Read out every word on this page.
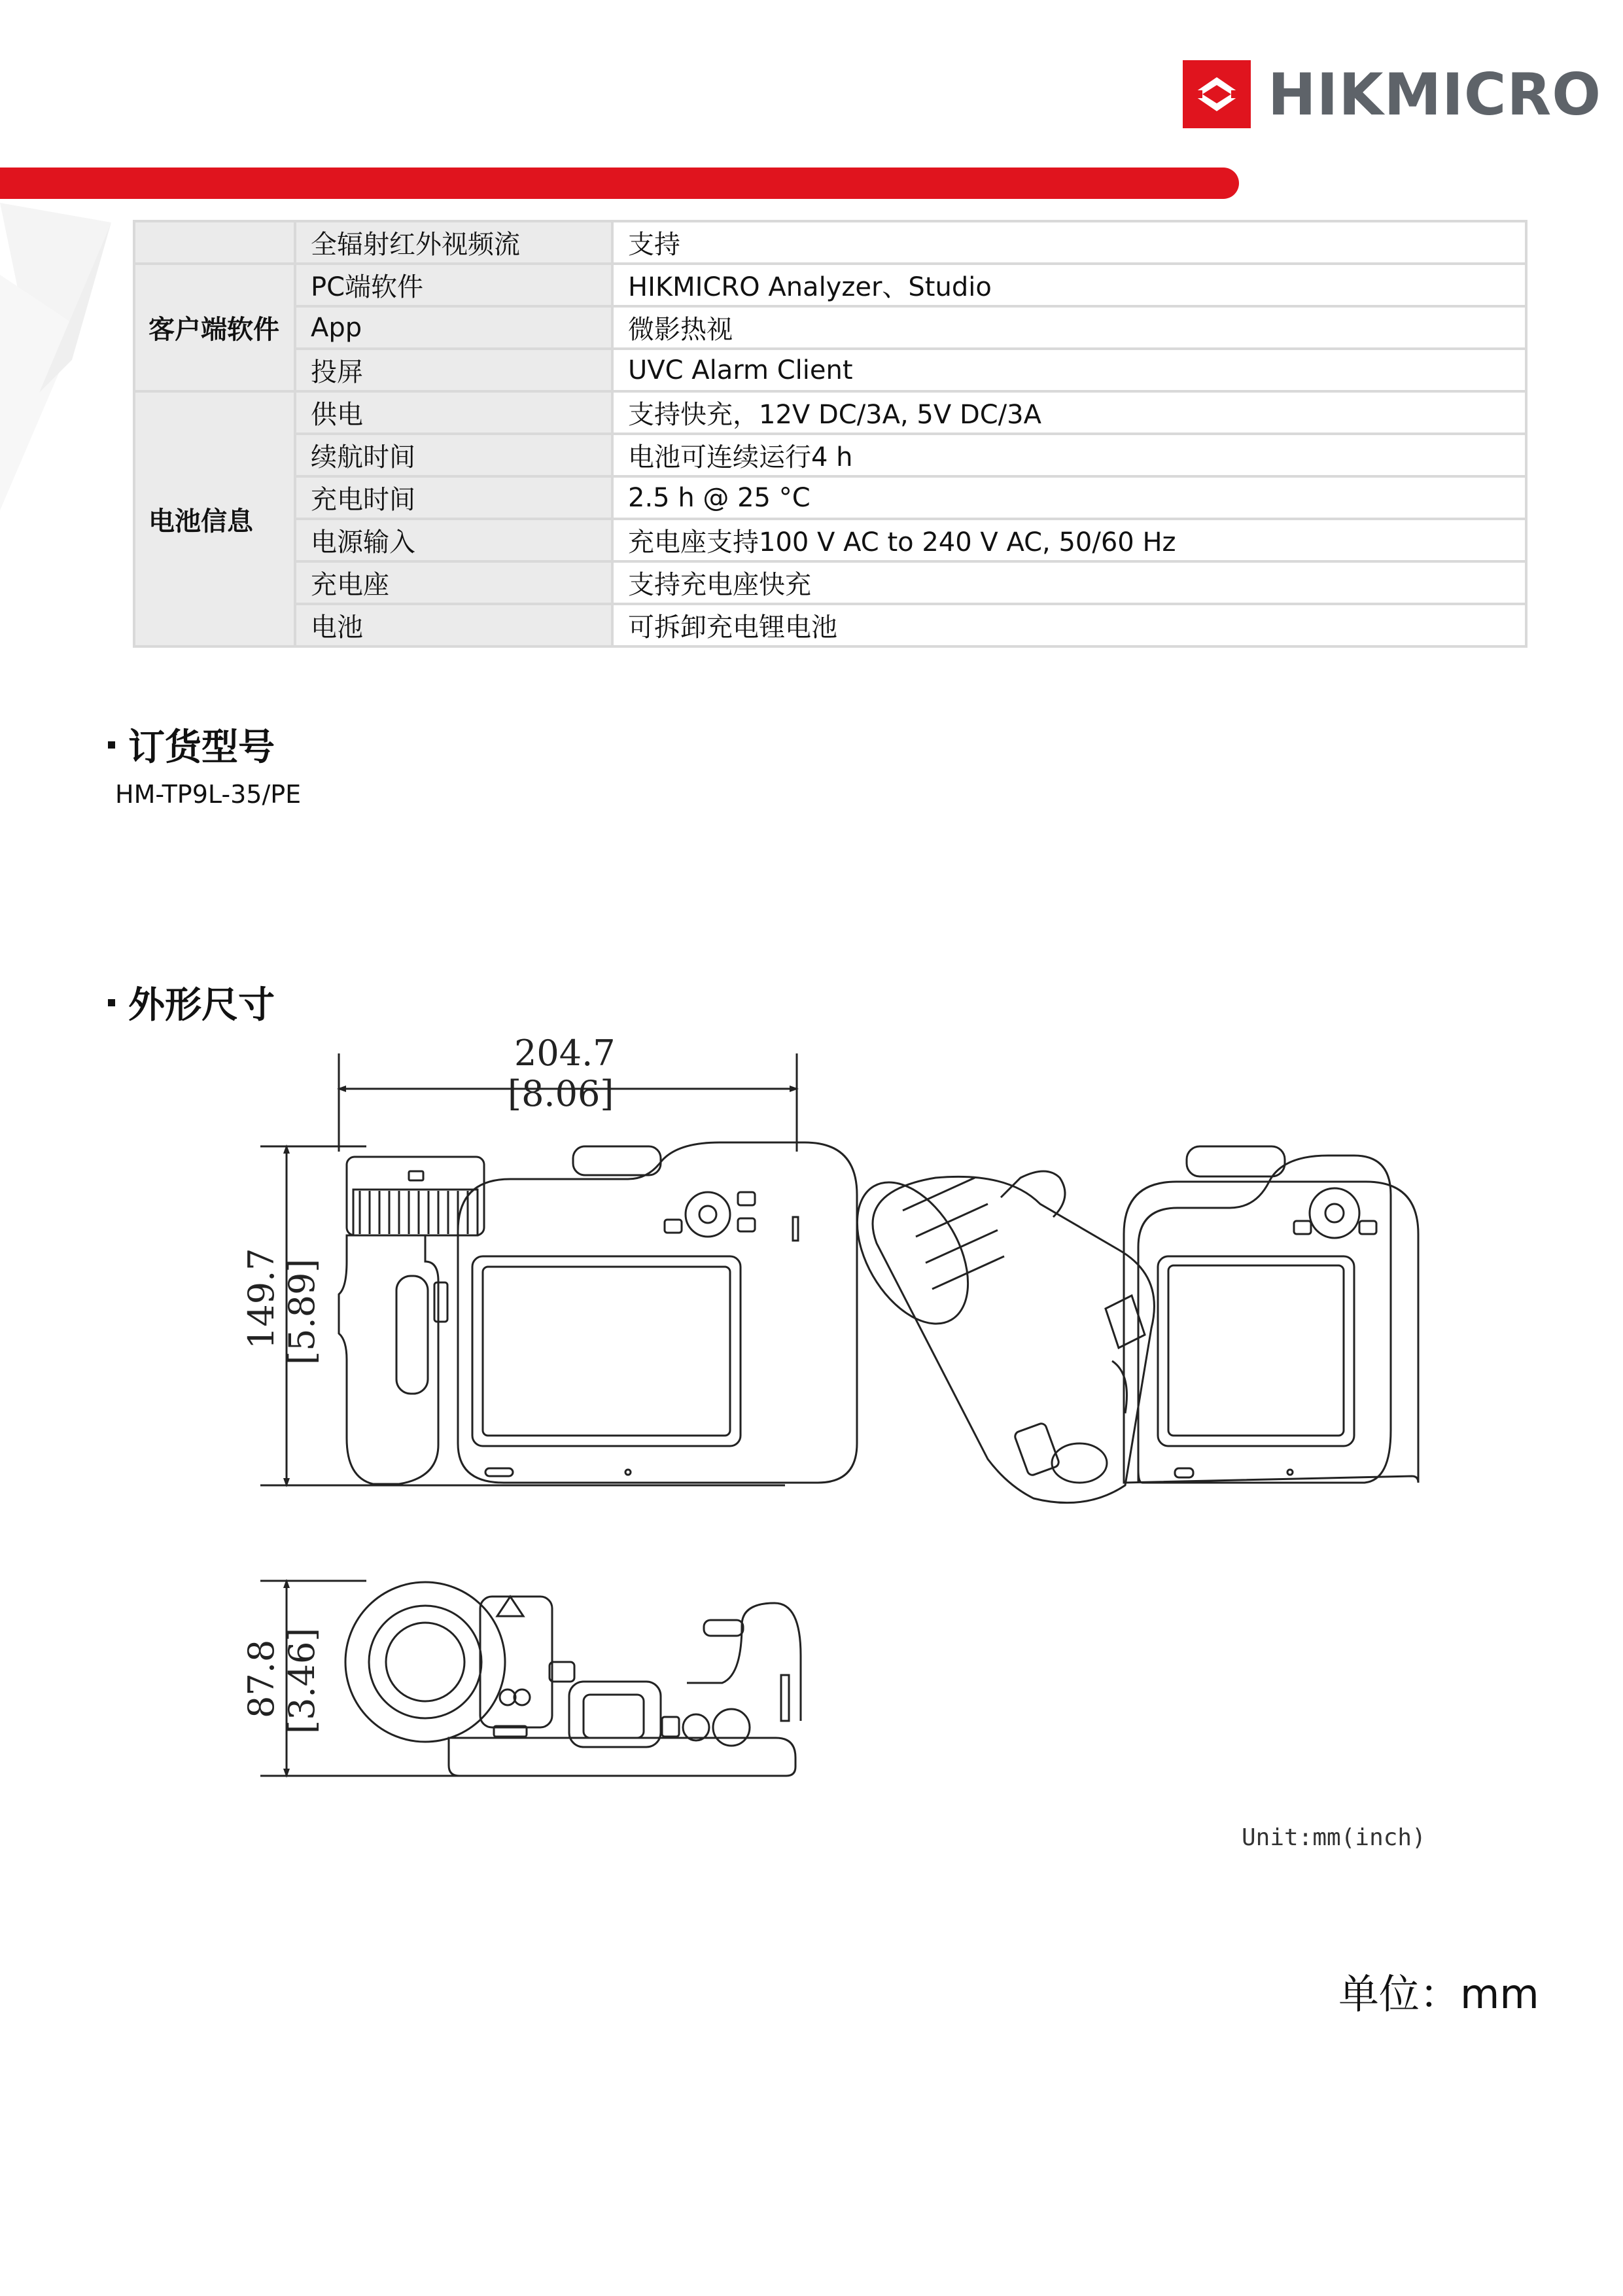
HIKMICRO
	全辐射红外视频流	支持
客户端软件	PC端软件	HIKMICRO Analyzer、Studio
	App	微影热视
	投屏	UVC Alarm Client
电池信息	供电	支持快充，12V DC/3A, 5V DC/3A
	续航时间	电池可连续运行4 h
	充电时间	2.5 h @ 25 °C
	电源输入	充电座支持100 V AC to 240 V AC, 50/60 Hz
	充电座	支持充电座快充
	电池	可拆卸充电锂电池
订货型号
HM-TP9L-35/PE
外形尺寸
204.7
[8.06]
149.7 [5.89]
87.8 [3.46]
Unit:mm(inch)
单位：mm
